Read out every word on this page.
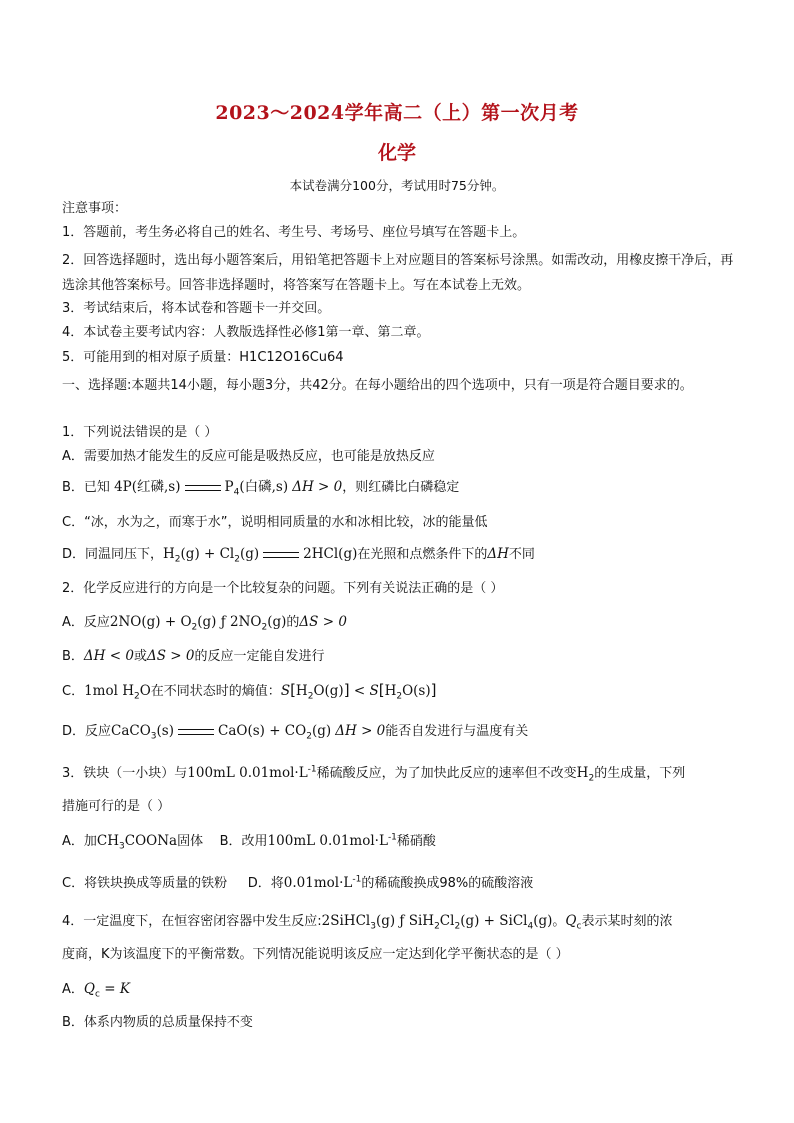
2023～2024学年高二（上）第一次月考
化学
本试卷满分100分，考试用时75分钟。
注意事项：
1．答题前，考生务必将自己的姓名、考生号、考场号、座位号填写在答题卡上。
2．回答选择题时，选出每小题答案后，用铅笔把答题卡上对应题目的答案标号涂黑。如需改动，用橡皮擦干净后，再选涂其他答案标号。回答非选择题时，将答案写在答题卡上。写在本试卷上无效。
3．考试结束后，将本试卷和答题卡一并交回。
4．本试卷主要考试内容：人教版选择性必修1第一章、第二章。
5．可能用到的相对原子质量：H1C12O16Cu64
一、选择题:本题共14小题，每小题3分，共42分。在每小题给出的四个选项中，只有一项是符合题目要求的。
1．下列说法错误的是（ ）
A．需要加热才能发生的反应可能是吸热反应，也可能是放热反应
B．已知 4P(红磷,s)	$P_4$(白磷,s) ΔH > 0，则红磷比白磷稳定
C．“冰，水为之，而寒于水”，说明相同质量的水和冰相比较，冰的能量低
D．同温同压下，$H_2(g) + Cl_2(g)$	2HCl(g)在光照和点燃条件下的ΔH不同
2．化学反应进行的方向是一个比较复杂的问题。下列有关说法正确的是（ ）
A．反应$2NO(g) + O_2(g)$ ƒ $2NO_2(g)$的ΔS > 0
B．ΔH < 0或ΔS > 0的反应一定能自发进行
C．1mol $H_2O$在不同状态时的熵值：$S[H_2O(g)] < S[H_2O(s)]$
D．反应CaCO$_3$(s)	$CaO(s) + CO_2(g) \Delta H > 0$能否自发进行与温度有关
3．铁块（一小块）与100mL $0.01mol\cdot L^{-1}$稀硫酸反应，为了加快此反应的速率但不改变$H_2$的生成量，下列
措施可行的是（ ）
A．加$CH_3COONa$固体 B．改用100mL $0.01mol\cdot L^{-1}$稀硝酸
C．将铁块换成等质量的铁粉 D．将$0.01mol\cdot L^{-1}$的稀硫酸换成98%的硫酸溶液
4．一定温度下，在恒容密闭容器中发生反应:2SiHCl$_3$(g) ƒ $SiH_2Cl_2(g)$ + SiCl$_4$(g)。$Q_c$表示某时刻的浓
度商，K为该温度下的平衡常数。下列情况能说明该反应一定达到化学平衡状态的是（ ）
A．$Q_c = K$
B．体系内物质的总质量保持不变
